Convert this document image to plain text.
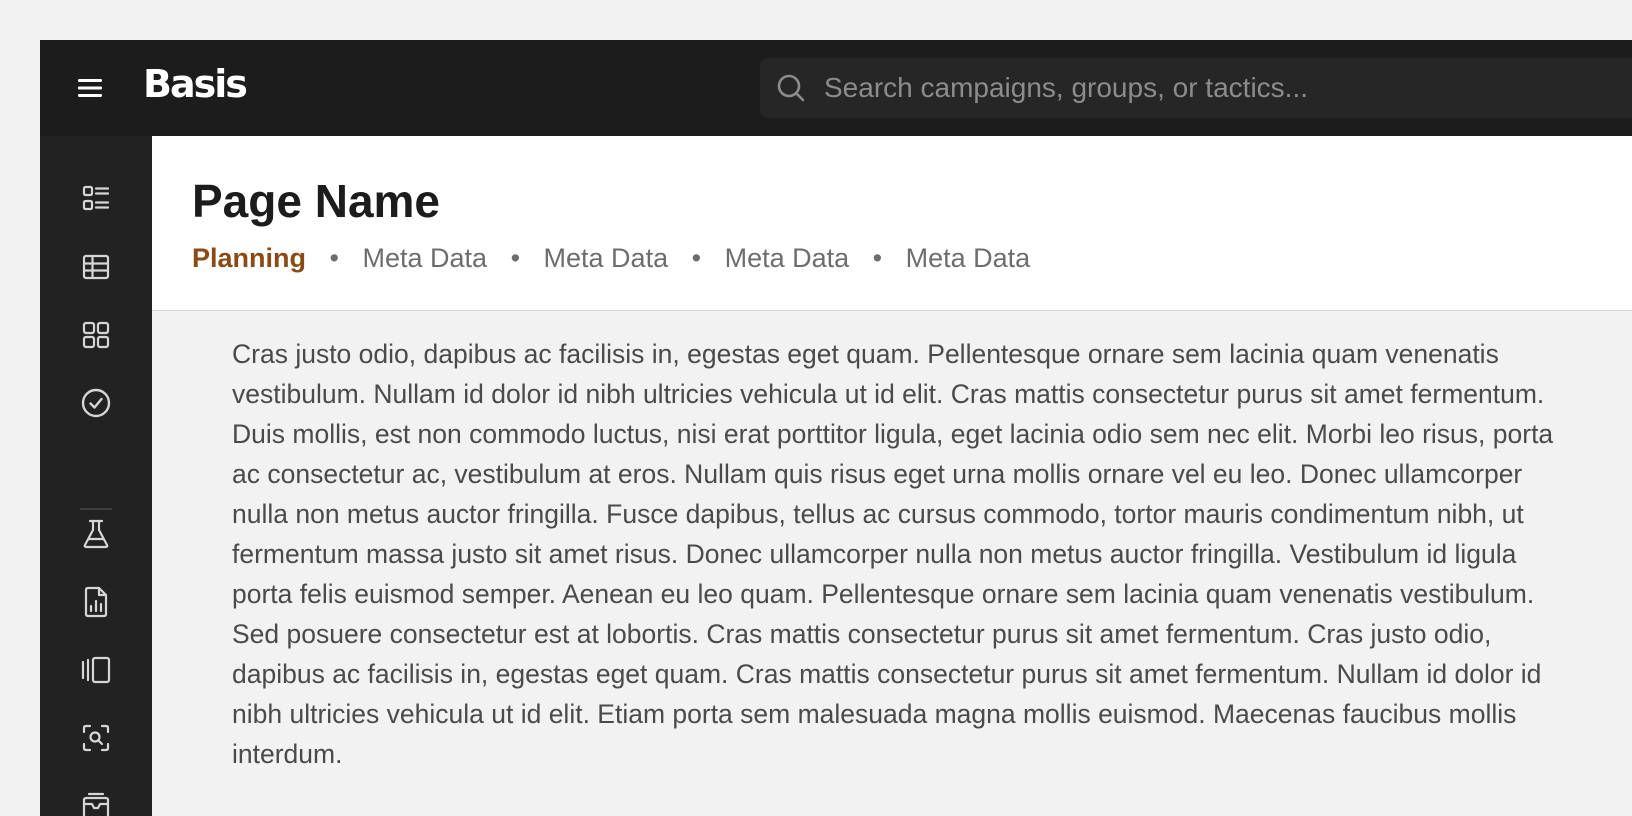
Basis
Search campaigns, groups, or tactics...

Cras justo odio, dapibus ac facilisis in, egestas eget quam. Pellentesque ornare sem lacinia quam venenatis vestibulum. Nullam id dolor id nibh ultricies vehicula ut id elit. Cras mattis consectetur purus sit amet fermentum. Duis mollis, est non commodo luctus, nisi erat porttitor ligula, eget lacinia odio sem nec elit. Morbi leo risus, porta ac consectetur ac, vestibulum at eros. Nullam quis risus eget urna mollis ornare vel eu leo. Donec ullamcorper nulla non metus auctor fringilla. Fusce dapibus, tellus ac cursus commodo, tortor mauris condimentum nibh, ut fermentum massa justo sit amet risus. Donec ullamcorper nulla non metus auctor fringilla. Vestibulum id ligula porta felis euismod semper. Aenean eu leo quam. Pellentesque ornare sem lacinia quam venenatis vestibulum. Sed posuere consectetur est at lobortis. Cras mattis consectetur purus sit amet fermentum. Cras justo odio, dapibus ac facilisis in, egestas eget quam. Cras mattis consectetur purus sit amet fermentum. Nullam id dolor id nibh ultricies vehicula ut id elit. Etiam porta sem malesuada magna mollis euismod. Maecenas faucibus mollis interdum.

Page Name
Planning • Meta Data • Meta Data • Meta Data • Meta Data
